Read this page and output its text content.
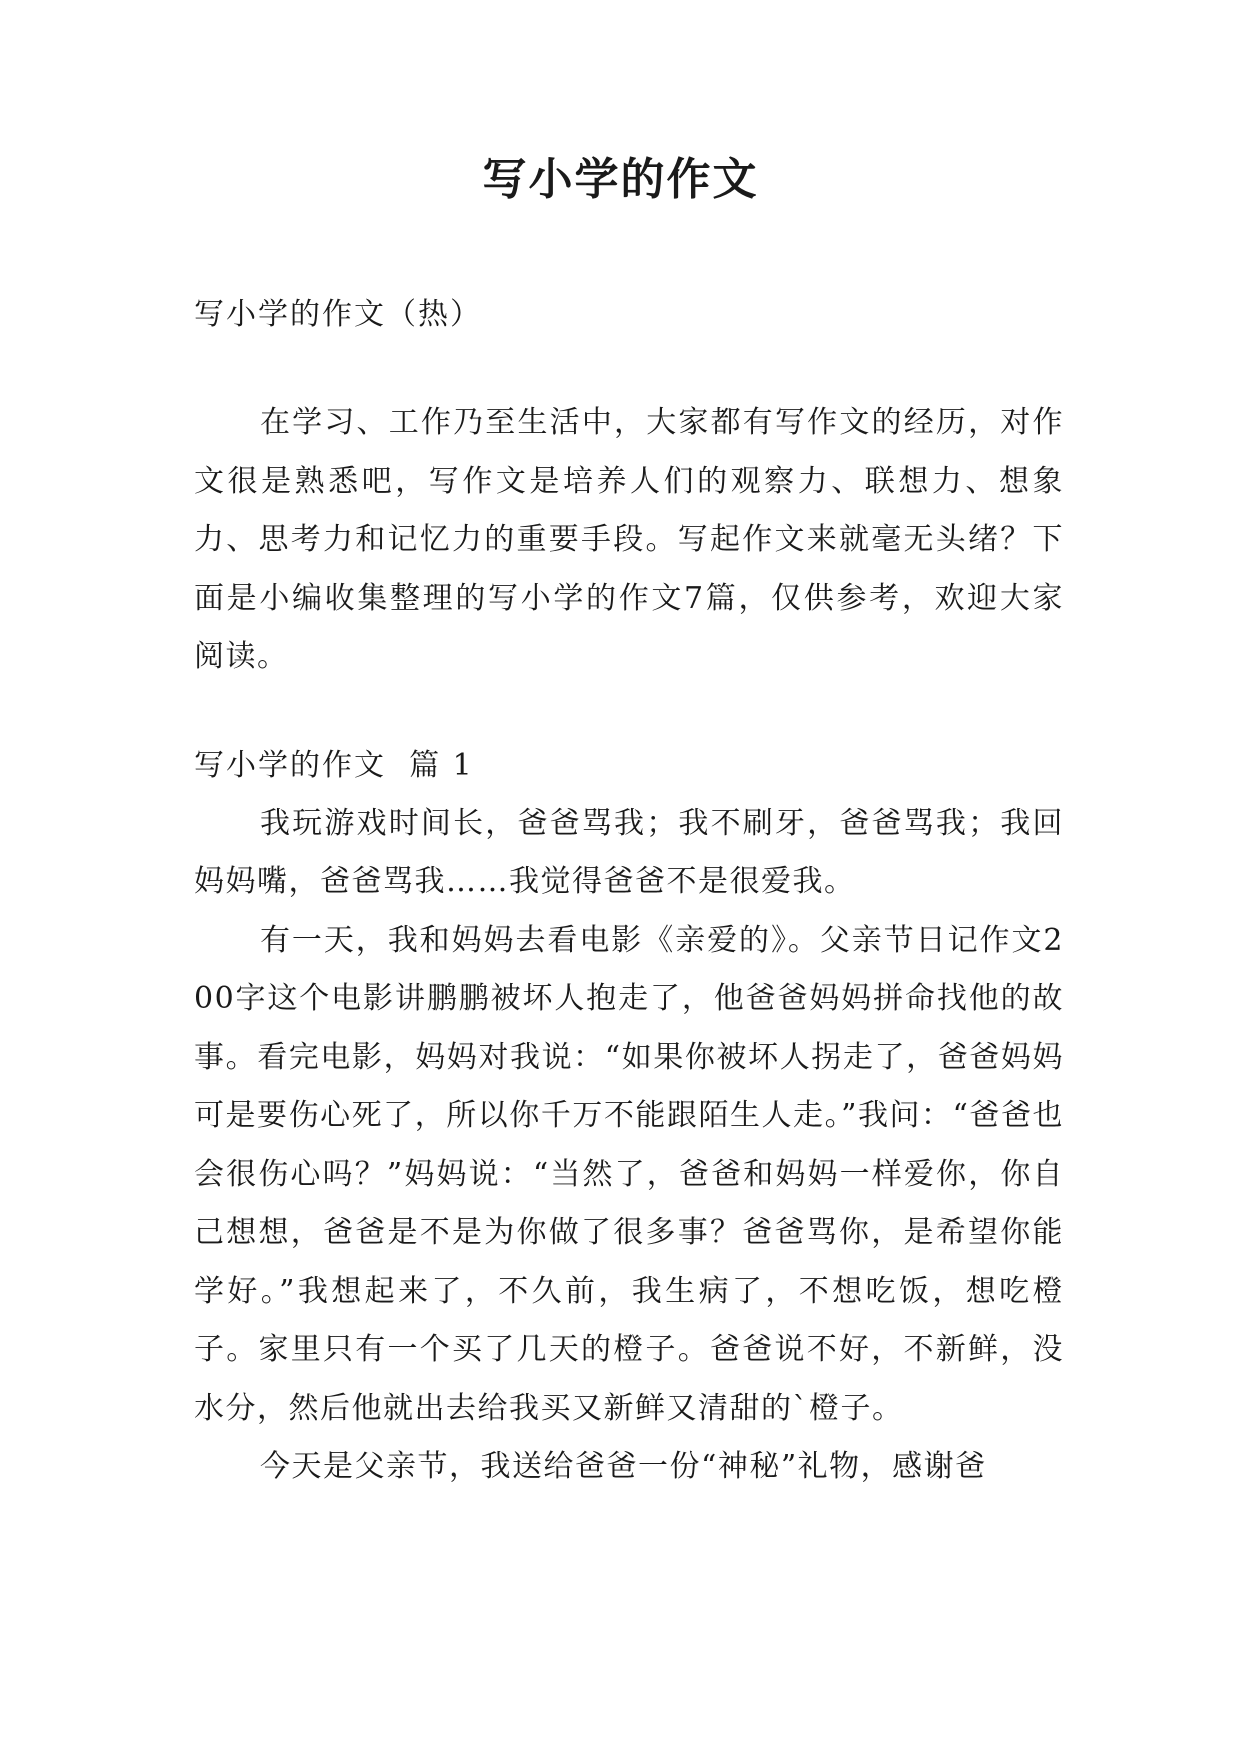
写小学的作文

写小学的作文（热）

在学习、工作乃至生活中，大家都有写作文的经历，对作文很是熟悉吧，写作文是培养人们的观察力、联想力、想象力、思考力和记忆力的重要手段。写起作文来就毫无头绪？下面是小编收集整理的写小学的作文7篇，仅供参考，欢迎大家阅读。

写小学的作文  篇 1

我玩游戏时间长，爸爸骂我；我不刷牙，爸爸骂我；我回妈妈嘴，爸爸骂我……我觉得爸爸不是很爱我。

有一天，我和妈妈去看电影《亲爱的》。父亲节日记作文200字这个电影讲鹏鹏被坏人抱走了，他爸爸妈妈拼命找他的故事。看完电影，妈妈对我说：“如果你被坏人拐走了，爸爸妈妈可是要伤心死了，所以你千万不能跟陌生人走。”我问：“爸爸也会很伤心吗？”妈妈说：“当然了，爸爸和妈妈一样爱你，你自己想想，爸爸是不是为你做了很多事？爸爸骂你，是希望你能学好。”我想起来了，不久前，我生病了，不想吃饭，想吃橙子。家里只有一个买了几天的橙子。爸爸说不好，不新鲜，没水分，然后他就出去给我买又新鲜又清甜的`橙子。

今天是父亲节，我送给爸爸一份“神秘”礼物，感谢爸
